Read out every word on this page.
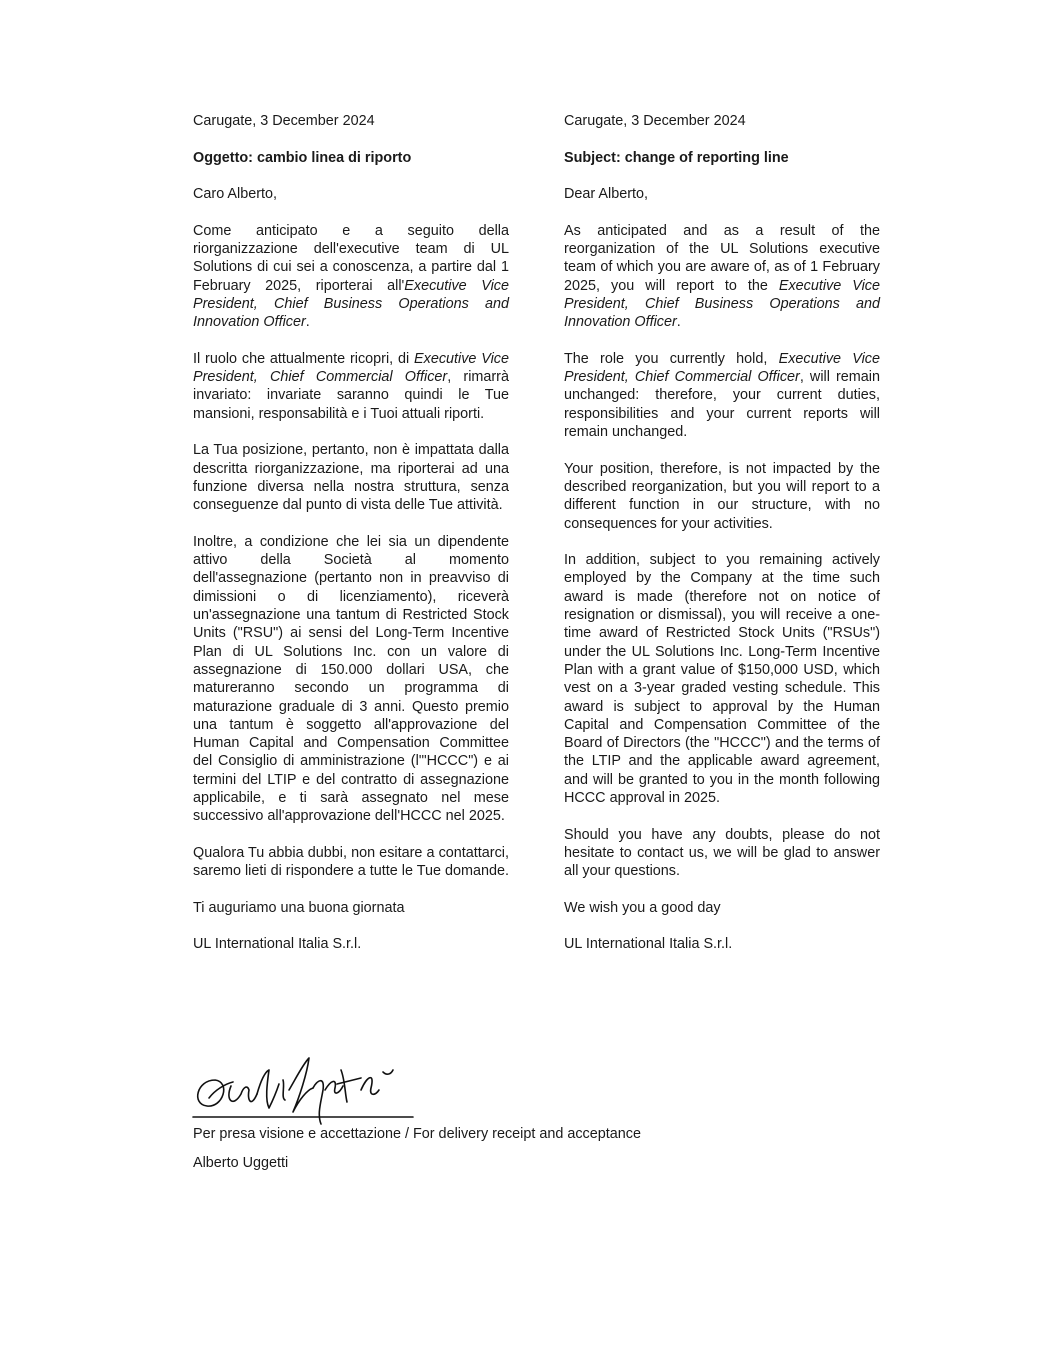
Carugate, 3 December 2024

Oggetto: cambio linea di riporto

Caro Alberto,

Come anticipato e a seguito della riorganizzazione dell'executive team di UL Solutions di cui sei a conoscenza, a partire dal 1 February 2025, riporterai all'Executive Vice President, Chief Business Operations and Innovation Officer.

Il ruolo che attualmente ricopri, di Executive Vice President, Chief Commercial Officer, rimarrà invariato: invariate saranno quindi le Tue mansioni, responsabilità e i Tuoi attuali riporti.

La Tua posizione, pertanto, non è impattata dalla descritta riorganizzazione, ma riporterai ad una funzione diversa nella nostra struttura, senza conseguenze dal punto di vista delle Tue attività.

Inoltre, a condizione che lei sia un dipendente attivo della Società al momento dell'assegnazione (pertanto non in preavviso di dimissioni o di licenziamento), riceverà un'assegnazione una tantum di Restricted Stock Units ("RSU") ai sensi del Long-Term Incentive Plan di UL Solutions Inc. con un valore di assegnazione di 150.000 dollari USA, che matureranno secondo un programma di maturazione graduale di 3 anni. Questo premio una tantum è soggetto all'approvazione del Human Capital and Compensation Committee del Consiglio di amministrazione (l'"HCCC") e ai termini del LTIP e del contratto di assegnazione applicabile, e ti sarà assegnato nel mese successivo all'approvazione dell'HCCC nel 2025.

Qualora Tu abbia dubbi, non esitare a contattarci, saremo lieti di rispondere a tutte le Tue domande.

Ti auguriamo una buona giornata

UL International Italia S.r.l.

Carugate, 3 December 2024

Subject: change of reporting line

Dear Alberto,

As anticipated and as a result of the reorganization of the UL Solutions executive team of which you are aware of, as of 1 February 2025, you will report to the Executive Vice President, Chief Business Operations and Innovation Officer.

The role you currently hold, Executive Vice President, Chief Commercial Officer, will remain unchanged: therefore, your current duties, responsibilities and your current reports will remain unchanged.

Your position, therefore, is not impacted by the described reorganization, but you will report to a different function in our structure, with no consequences for your activities.

In addition, subject to you remaining actively employed by the Company at the time such award is made (therefore not on notice of resignation or dismissal), you will receive a one-time award of Restricted Stock Units ("RSUs") under the UL Solutions Inc. Long-Term Incentive Plan with a grant value of $150,000 USD, which vest on a 3-year graded vesting schedule. This award is subject to approval by the Human Capital and Compensation Committee of the Board of Directors (the "HCCC") and the terms of the LTIP and the applicable award agreement, and will be granted to you in the month following HCCC approval in 2025.

Should you have any doubts, please do not hesitate to contact us, we will be glad to answer all your questions.

We wish you a good day

UL International Italia S.r.l.

Per presa visione e accettazione / For delivery receipt and acceptance
Alberto Uggetti
